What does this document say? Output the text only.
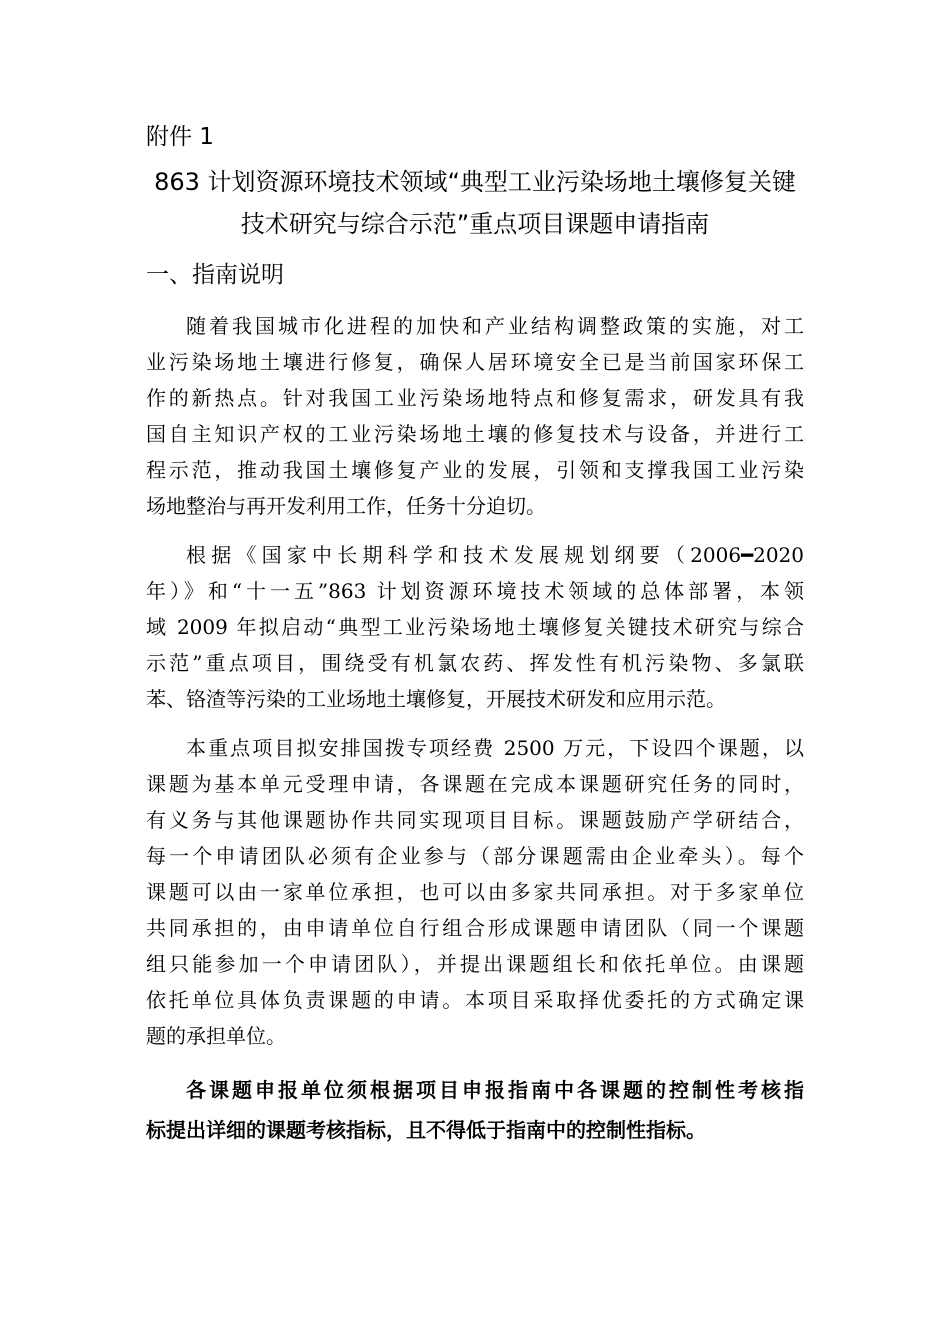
附件 1
863 计划资源环境技术领域“典型工业污染场地土壤修复关键
技术研究与综合示范”重点项目课题申请指南
一、指南说明
随着我国城市化进程的加快和产业结构调整政策的实施，对工
业污染场地土壤进行修复，确保人居环境安全已是当前国家环保工
作的新热点。针对我国工业污染场地特点和修复需求，研发具有我
国自主知识产权的工业污染场地土壤的修复技术与设备，并进行工
程示范，推动我国土壤修复产业的发展，引领和支撑我国工业污染
场地整治与再开发利用工作，任务十分迫切。
根据《国家中长期科学和技术发展规划纲要（2006━2020
年）》和“十一五”863 计划资源环境技术领域的总体部署，本领
域 2009 年拟启动“典型工业污染场地土壤修复关键技术研究与综合
示范”重点项目，围绕受有机氯农药、挥发性有机污染物、多氯联
苯、铬渣等污染的工业场地土壤修复，开展技术研发和应用示范。
本重点项目拟安排国拨专项经费 2500 万元，下设四个课题，以
课题为基本单元受理申请，各课题在完成本课题研究任务的同时，
有义务与其他课题协作共同实现项目目标。课题鼓励产学研结合，
每一个申请团队必须有企业参与（部分课题需由企业牵头）。每个
课题可以由一家单位承担，也可以由多家共同承担。对于多家单位
共同承担的，由申请单位自行组合形成课题申请团队（同一个课题
组只能参加一个申请团队），并提出课题组长和依托单位。由课题
依托单位具体负责课题的申请。本项目采取择优委托的方式确定课
题的承担单位。
各课题申报单位须根据项目申报指南中各课题的控制性考核指
标提出详细的课题考核指标，且不得低于指南中的控制性指标。
